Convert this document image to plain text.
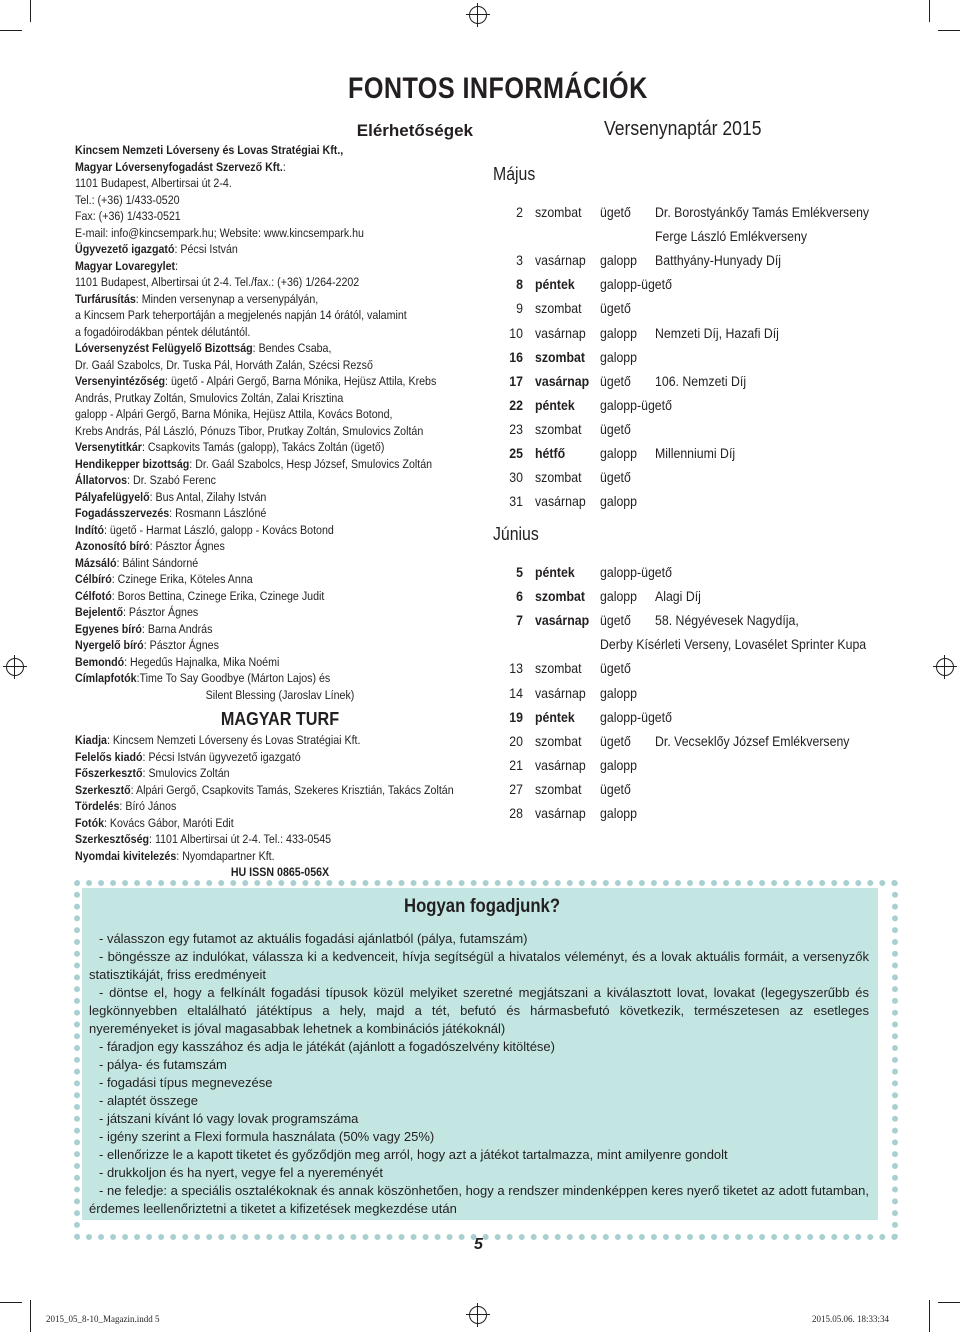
FONTOS INFORMÁCIÓK
Elérhetőségek
Kincsem Nemzeti Lóverseny és Lovas Stratégiai Kft.,
Magyar Lóversenyfogadást Szervező Kft.:
1101 Budapest, Albertirsai út 2-4.
Tel.: (+36) 1/433-0520
Fax: (+36) 1/433-0521
E-mail: info@kincsempark.hu; Website: www.kincsempark.hu
Ügyvezető igazgató: Pécsi István
Magyar Lovaregylet:
1101 Budapest, Albertirsai út 2-4. Tel./fax.: (+36) 1/264-2202
Turfárusítás: Minden versenynap a versenypályán,
a Kincsem Park teherportáján a megjelenés napján 14 órától, valamint
a fogadóirodákban péntek délutántól.
Lóversenyzést Felügyelő Bizottság: Bendes Csaba,
Dr. Gaál Szabolcs, Dr. Tuska Pál, Horváth Zalán, Szécsi Rezső
Versenyintézőség: ügető - Alpári Gergő, Barna Mónika, Hejüsz Attila, Krebs
András, Prutkay Zoltán, Smulovics Zoltán, Zalai Krisztina
galopp - Alpári Gergő, Barna Mónika, Hejüsz Attila, Kovács Botond,
Krebs András, Pál László, Pónuzs Tibor, Prutkay Zoltán, Smulovics Zoltán
Versenytitkár: Csapkovits Tamás (galopp), Takács Zoltán (ügető)
Hendikepper bizottság: Dr. Gaál Szabolcs, Hesp József, Smulovics Zoltán
Állatorvos: Dr. Szabó Ferenc
Pályafelügyelő: Bus Antal, Zilahy István
Fogadásszervezés: Rosmann Lászlóné
Indító: ügető - Harmat László, galopp - Kovács Botond
Azonosító bíró: Pásztor Ágnes
Mázsáló: Bálint Sándorné
Célbíró: Czinege Erika, Köteles Anna
Célfotó: Boros Bettina, Czinege Erika, Czinege Judit
Bejelentő: Pásztor Ágnes
Egyenes bíró: Barna András
Nyergelő bíró: Pásztor Ágnes
Bemondó: Hegedűs Hajnalka, Mika Noémi
Címlapfotók:Time To Say Goodbye (Márton Lajos) és
Silent Blessing (Jaroslav Línek)
MAGYAR TURF
Kiadja: Kincsem Nemzeti Lóverseny és Lovas Stratégiai Kft.
Felelős kiadó: Pécsi István ügyvezető igazgató
Főszerkesztő: Smulovics Zoltán
Szerkesztő: Alpári Gergő, Csapkovits Tamás, Szekeres Krisztián, Takács Zoltán
Tördelés: Bíró János
Fotók: Kovács Gábor, Maróti Edit
Szerkesztőség: 1101 Albertirsai út 2-4. Tel.: 433-0545
Nyomdai kivitelezés: Nyomdapartner Kft.
HU ISSN 0865-056X
Versenynaptár 2015
Május
2 szombat ügető Dr. Borostyánkőy Tamás Emlékverseny
Ferge László Emlékverseny
3 vasárnap galopp Batthyány-Hunyady Díj
8 péntek galopp-ügető
9 szombat ügető
10 vasárnap galopp Nemzeti Díj, Hazafi Díj
16 szombat galopp
17 vasárnap ügető 106. Nemzeti Díj
22 péntek galopp-ügető
23 szombat ügető
25 hétfő galopp Millenniumi Díj
30 szombat ügető
31 vasárnap galopp
Június
5 péntek galopp-ügető
6 szombat galopp Alagi Díj
7 vasárnap ügető 58. Négyévesek Nagydíja,
Derby Kísérleti Verseny, Lovasélet Sprinter Kupa
13 szombat ügető
14 vasárnap galopp
19 péntek galopp-ügető
20 szombat ügető Dr. Vecseklőy József Emlékverseny
21 vasárnap galopp
27 szombat ügető
28 vasárnap galopp
Hogyan fogadjunk?
- válasszon egy futamot az aktuális fogadási ajánlatból (pálya, futamszám)
- böngéssze az indulókat, válassza ki a kedvenceit, hívja segítségül a hivatalos véleményt, és a lovak aktuális formáit, a versenyzők statisztikáját, friss eredményeit
- döntse el, hogy a felkínált fogadási típusok közül melyiket szeretné megjátszani a kiválasztott lovat, lovakat (legegyszerűbb és legkönnyebben eltalálható játéktípus a hely, majd a tét, befutó és hármasbefutó következik, természetesen az esetleges nyereményeket is jóval magasabbak lehetnek a kombinációs játékoknál)
- fáradjon egy kasszához és adja le játékát (ajánlott a fogadószelvény kitöltése)
- pálya- és futamszám
- fogadási típus megnevezése
- alaptét összege
- játszani kívánt ló vagy lovak programszáma
- igény szerint a Flexi formula használata (50% vagy 25%)
- ellenőrizze le a kapott tiketet és győződjön meg arról, hogy azt a játékot tartalmazza, mint amilyenre gondolt
- drukkoljon és ha nyert, vegye fel a nyereményét
- ne feledje: a speciális osztalékoknak és annak köszönhetően, hogy a rendszer mindenképpen keres nyerő tiketet az adott futamban, érdemes leellenőriztetni a tiketet a kifizetések megkezdése után
5
2015_05_8-10_Magazin.indd 5	2015.05.06. 18:33:34
